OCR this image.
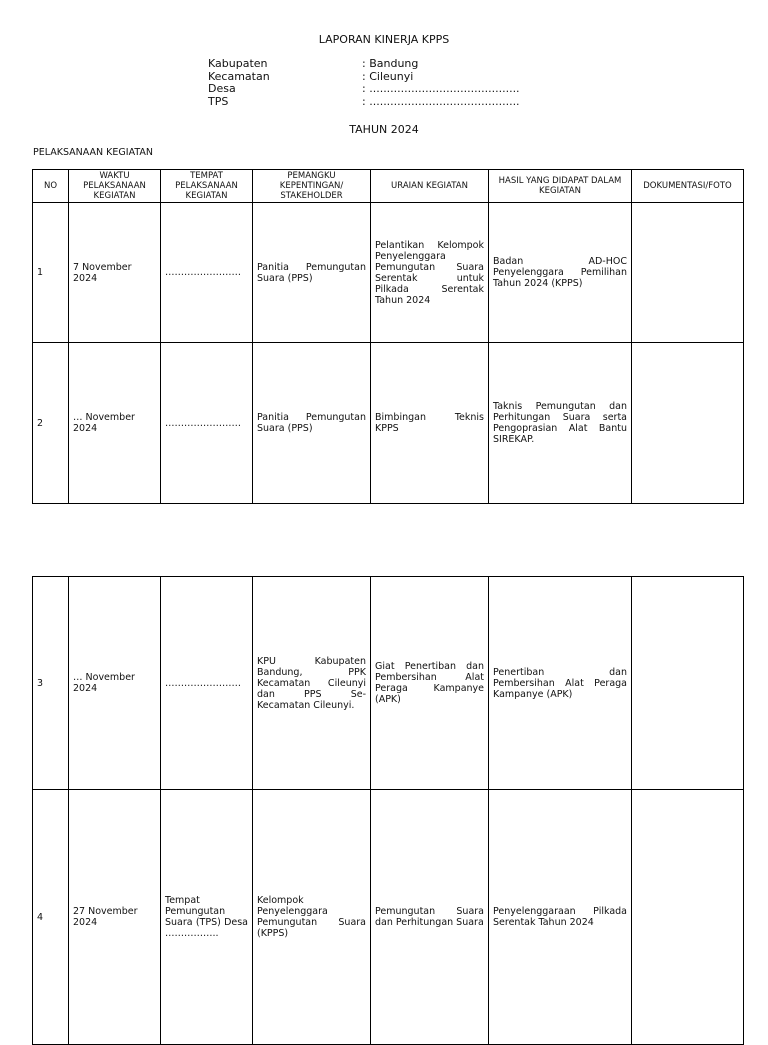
LAPORAN KINERJA KPPS
Kabupaten	: Bandung
Kecamatan	: Cileunyi
Desa	: ...........................................
TPS	: ...........................................
TAHUN 2024
PELAKSANAAN KEGIATAN
NO	WAKTU PELAKSANAAN KEGIATAN	TEMPAT PELAKSANAAN KEGIATAN	PEMANGKU KEPENTINGAN/ STAKEHOLDER	URAIAN KEGIATAN	HASIL YANG DIDAPAT DALAM KEGIATAN	DOKUMENTASI/FOTO
1	7 November 2024	……………………	Panitia Pemungutan Suara (PPS)	Pelantikan Kelompok Penyelenggara Pemungutan Suara Serentak untuk Pilkada Serentak Tahun 2024	Badan AD-HOC Penyelenggara Pemilihan Tahun 2024 (KPPS)	
2	… November 2024	……………………	Panitia Pemungutan Suara (PPS)	Bimbingan Teknis KPPS	Taknis Pemungutan dan Perhitungan Suara serta Pengoprasian Alat Bantu SIREKAP.	
3	… November 2024	……………………	KPU Kabupaten Bandung, PPK Kecamatan Cileunyi dan PPS Se-Kecamatan Cileunyi.	Giat Penertiban dan Pembersihan Alat Peraga Kampanye (APK)	Penertiban dan Pembersihan Alat Peraga Kampanye (APK)	
4	27 November 2024	Tempat Pemungutan Suara (TPS) Desa ……………..	Kelompok Penyelenggara Pemungutan Suara (KPPS)	Pemungutan Suara dan Perhitungan Suara	Penyelenggaraan Pilkada Serentak Tahun 2024	
